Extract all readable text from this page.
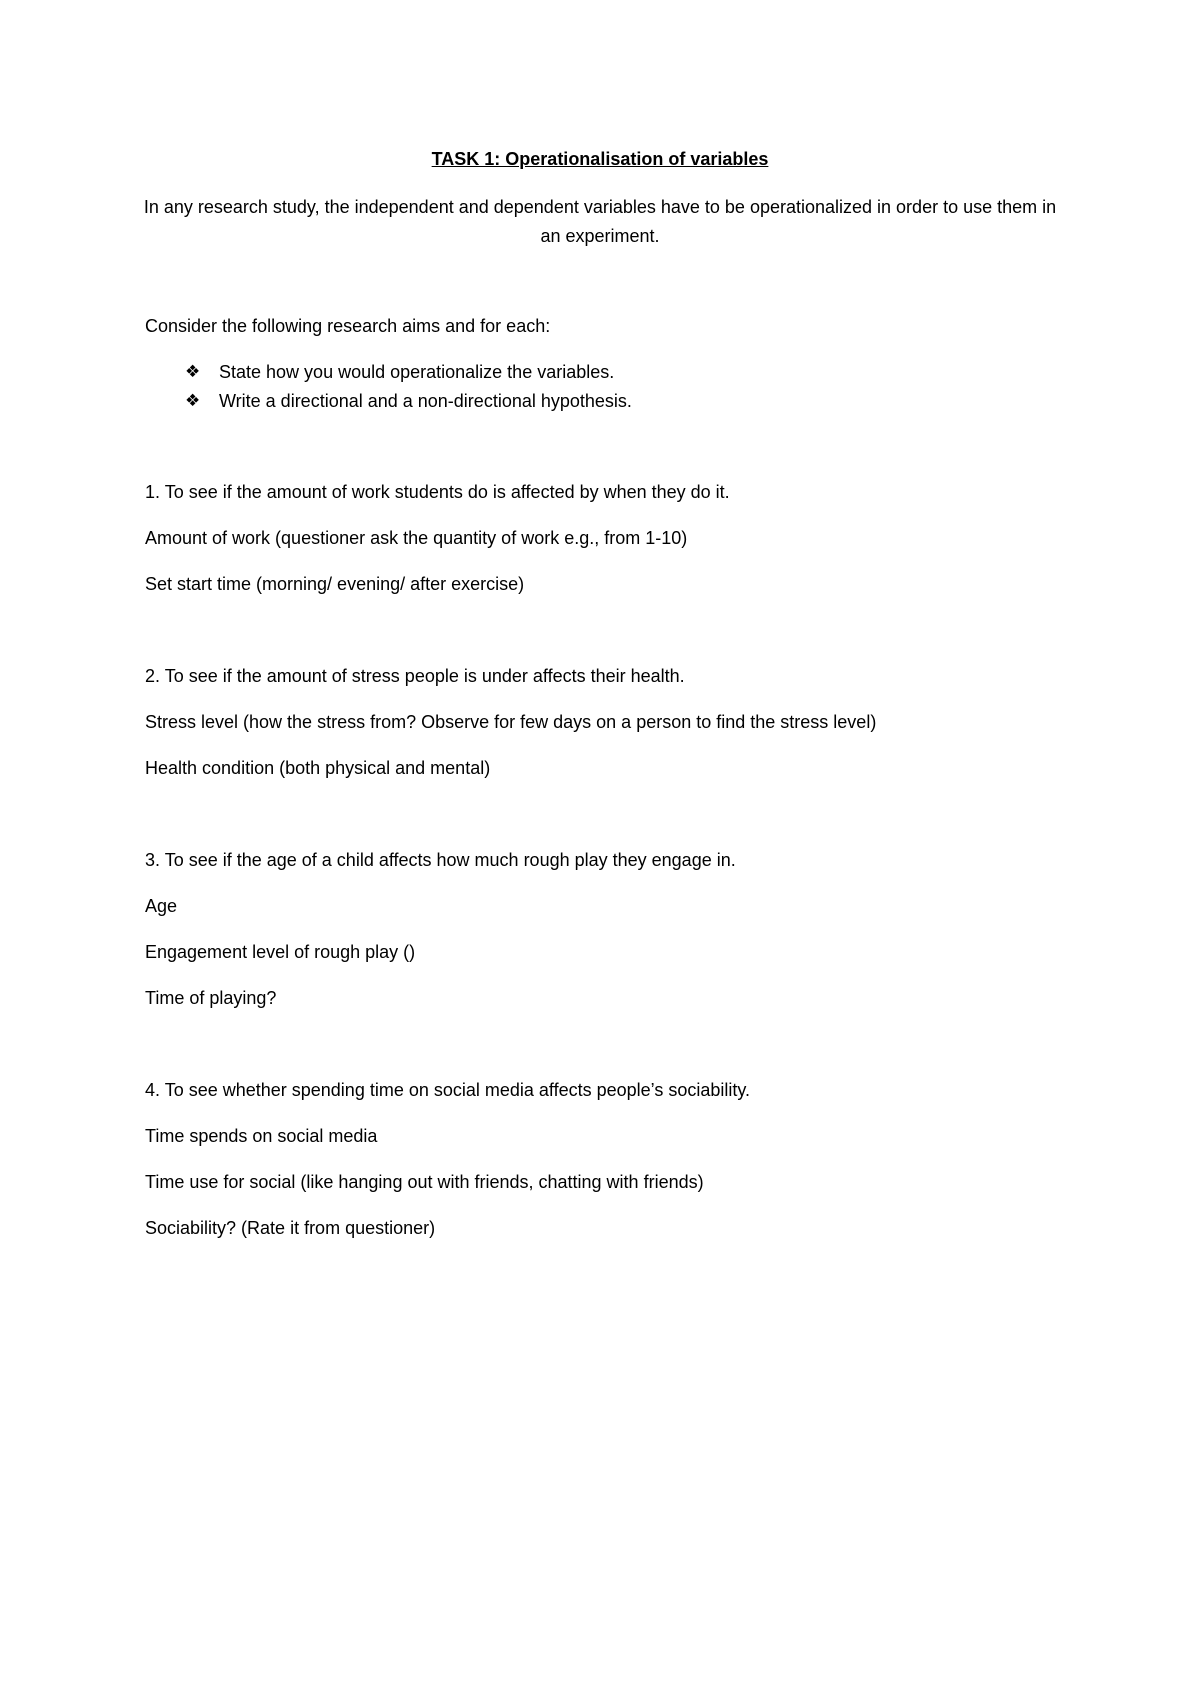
TASK 1: Operationalisation of variables
In any research study, the independent and dependent variables have to be operationalized in order to use them in an experiment.
Consider the following research aims and for each:
❖	State how you would operationalize the variables.
❖	Write a directional and a non-directional hypothesis.
1. To see if the amount of work students do is affected by when they do it.
Amount of work (questioner ask the quantity of work e.g., from 1-10)
Set start time (morning/ evening/ after exercise)
2. To see if the amount of stress people is under affects their health.
Stress level (how the stress from? Observe for few days on a person to find the stress level)
Health condition (both physical and mental)
3. To see if the age of a child affects how much rough play they engage in.
Age
Engagement level of rough play ()
Time of playing?
4. To see whether spending time on social media affects people’s sociability.
Time spends on social media
Time use for social (like hanging out with friends, chatting with friends)
Sociability? (Rate it from questioner)
